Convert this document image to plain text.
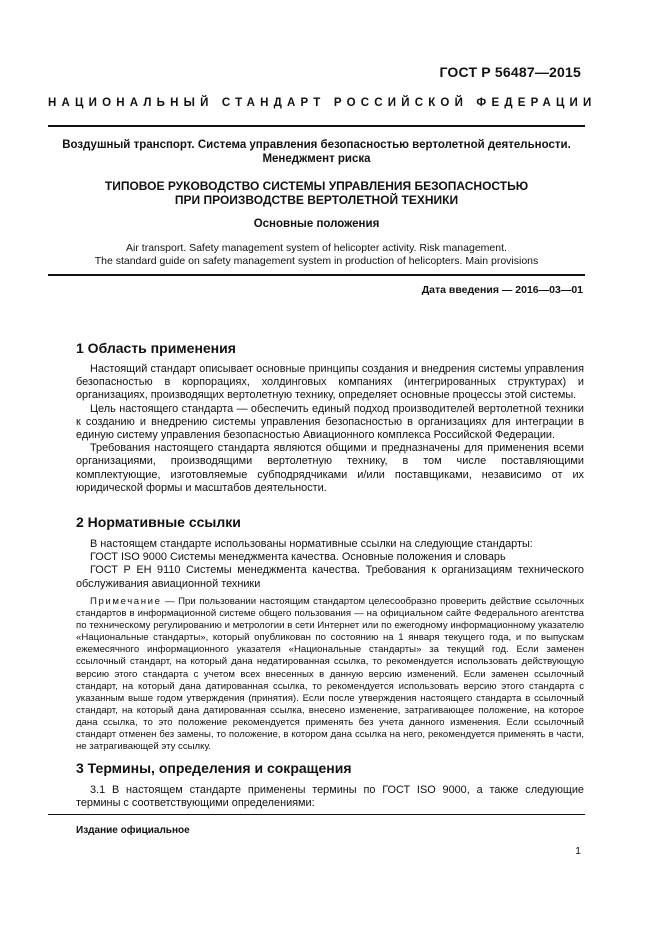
ГОСТ Р 56487—2015
НАЦИОНАЛЬНЫЙ СТАНДАРТ РОССИЙСКОЙ ФЕДЕРАЦИИ
Воздушный транспорт. Система управления безопасностью вертолетной деятельности.
Менеджмент риска
ТИПОВОЕ РУКОВОДСТВО СИСТЕМЫ УПРАВЛЕНИЯ БЕЗОПАСНОСТЬЮ
ПРИ ПРОИЗВОДСТВЕ ВЕРТОЛЕТНОЙ ТЕХНИКИ
Основные положения
Air transport. Safety management system of helicopter activity. Risk management.
The standard guide on safety management system in production of helicopters. Main provisions
Дата введения — 2016—03—01
1 Область применения

Настоящий стандарт описывает основные принципы создания и внедрения системы управления безопасностью в корпорациях, холдинговых компаниях (интегрированных структурах) и организациях, производящих вертолетную технику, определяет основные процессы этой системы.

Цель настоящего стандарта — обеспечить единый подход производителей вертолетной техники к созданию и внедрению системы управления безопасностью в организациях для интеграции в единую систему управления безопасностью Авиационного комплекса Российской Федерации.

Требования настоящего стандарта являются общими и предназначены для применения всеми организациями, производящими вертолетную технику, в том числе поставляющими комплектующие, изготовляемые субподрядчиками и/или поставщиками, независимо от их юридической формы и масштабов деятельности.

2 Нормативные ссылки

В настоящем стандарте использованы нормативные ссылки на следующие стандарты:

ГОСТ ISO 9000 Системы менеджмента качества. Основные положения и словарь

ГОСТ Р ЕН 9110 Системы менеджмента качества. Требования к организациям технического обслуживания авиационной техники

Примечание — При пользовании настоящим стандартом целесообразно проверить действие ссылочных стандартов в информационной системе общего пользования — на официальном сайте Федерального агентства по техническому регулированию и метрологии в сети Интернет или по ежегодному информационному указателю «Национальные стандарты», который опубликован по состоянию на 1 января текущего года, и по выпускам ежемесячного информационного указателя «Национальные стандарты» за текущий год. Если заменен ссылочный стандарт, на который дана недатированная ссылка, то рекомендуется использовать действующую версию этого стандарта с учетом всех внесенных в данную версию изменений. Если заменен ссылочный стандарт, на который дана датированная ссылка, то рекомендуется использовать версию этого стандарта с указанным выше годом утверждения (принятия). Если после утверждения настоящего стандарта в ссылочный стандарт, на который дана датированная ссылка, внесено изменение, затрагивающее положение, на которое дана ссылка, то это положение рекомендуется применять без учета данного изменения. Если ссылочный стандарт отменен без замены, то положение, в котором дана ссылка на него, рекомендуется применять в части, не затрагивающей эту ссылку.
3 Термины, определения и сокращения

3.1 В настоящем стандарте применены термины по ГОСТ ISO 9000, а также следующие термины с соответствующими определениями:

Издание официальное
1
